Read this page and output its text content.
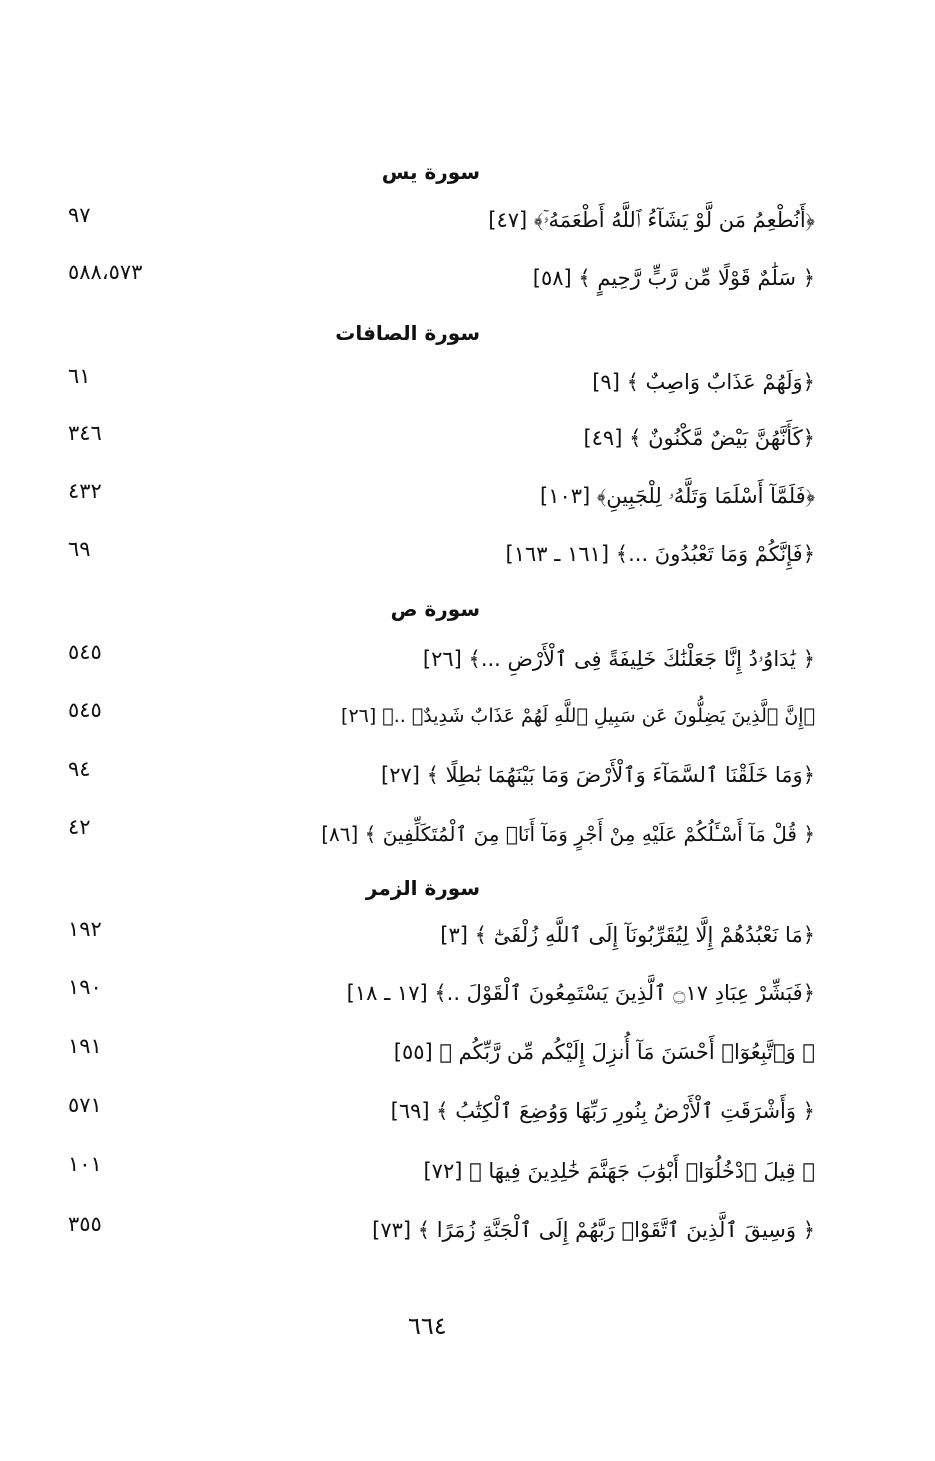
سورة يس
﴿أَنُطْعِمُ مَن لَّوْ يَشَآءُ ٱللَّهُ أَطْعَمَهُۥٓ﴾ [٤٧]
٩٧
﴿ سَلَٰمٌ قَوْلًا مِّن رَّبٍّ رَّحِيمٍ ﴾ [٥٨]
٥٨٨،٥٧٣
سورة الصافات
﴿وَلَهُمْ عَذَابٌ وَاصِبٌ ﴾ [٩]
٦١
﴿كَأَنَّهُنَّ بَيْضٌ مَّكْنُونٌ ﴾ [٤٩]
٣٤٦
﴿فَلَمَّآ أَسْلَمَا وَتَلَّهُۥ لِلْجَبِينِ﴾ [١٠٣]
٤٣٢
﴿فَإِنَّكُمْ وَمَا تَعْبُدُونَ ...﴾ [١٦١ ـ ١٦٣]
٦٩
سورة ص
﴿ يَٰدَاوُۥدُ إِنَّا جَعَلْنَٰكَ خَلِيفَةً فِى ٱلْأَرْضِ ...﴾ [٢٦]
٥٤٥
﴿إِنَّ ٱلَّذِينَ يَضِلُّونَ عَن سَبِيلِ ٱللَّهِ لَهُمْ عَذَابٌ شَدِيدٌۢ ..﴾ [٢٦]
٥٤٥
﴿وَمَا خَلَقْنَا ٱلسَّمَآءَ وَٱلْأَرْضَ وَمَا بَيْنَهُمَا بَٰطِلًا ﴾ [٢٧]
٩٤
﴿ قُلْ مَآ أَسْـَٔلُكُمْ عَلَيْهِ مِنْ أَجْرٍ وَمَآ أَنَا۠ مِنَ ٱلْمُتَكَلِّفِينَ ﴾ [٨٦]
٤٢
سورة الزمر
﴿مَا نَعْبُدُهُمْ إِلَّا لِيُقَرِّبُونَآ إِلَى ٱللَّهِ زُلْفَىٰٓ ﴾ [٣]
١٩٢
﴿فَبَشِّرْ عِبَادِ ۝١٧ ٱلَّذِينَ يَسْتَمِعُونَ ٱلْقَوْلَ ..﴾ [١٧ ـ ١٨]
١٩٠
﴿ وَٱتَّبِعُوٓا۟ أَحْسَنَ مَآ أُنزِلَ إِلَيْكُم مِّن رَّبِّكُم ﴾ [٥٥]
١٩١
﴿ وَأَشْرَقَتِ ٱلْأَرْضُ بِنُورِ رَبِّهَا وَوُضِعَ ٱلْكِتَٰبُ ﴾ [٦٩]
٥٧١
﴿ قِيلَ ٱدْخُلُوٓا۟ أَبْوَٰبَ جَهَنَّمَ خَٰلِدِينَ فِيهَا ﴾ [٧٢]
١٠١
﴿ وَسِيقَ ٱلَّذِينَ ٱتَّقَوْا۟ رَبَّهُمْ إِلَى ٱلْجَنَّةِ زُمَرًا ﴾ [٧٣]
٣٥٥
٦٦٤
